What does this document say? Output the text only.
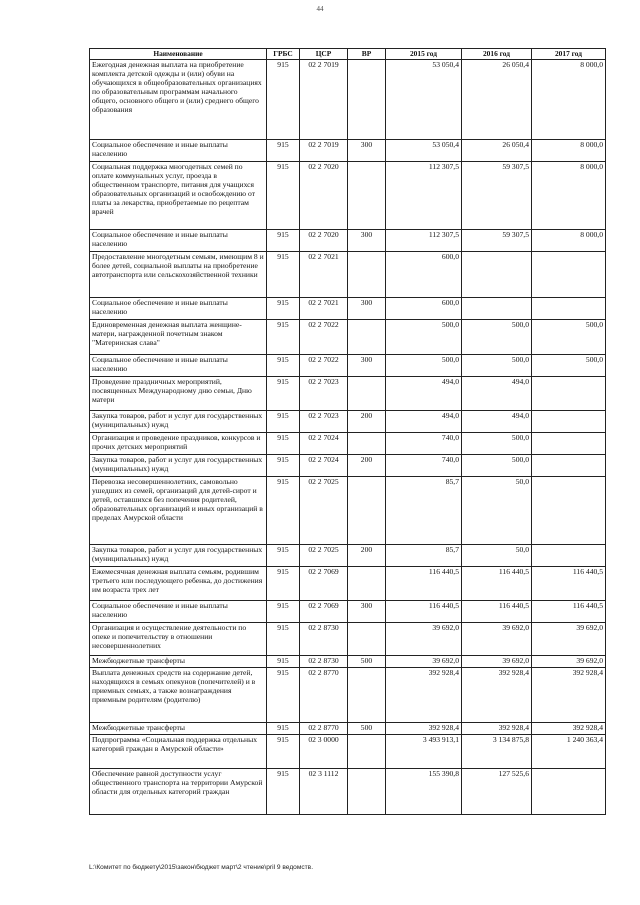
44
Наименование	ГРБС	ЦСР	ВР	2015 год	2016 год	2017 год
Ежегодная денежная выплата на приобретение комплекта детской одежды и (или) обуви на обучающихся в общеобразовательных организациях по образовательным программам начального общего, основного общего и (или) среднего общего образования	915	02 2 7019		53 050,4	26 050,4	8 000,0
Социальное обеспечение и иные выплаты населению	915	02 2 7019	300	53 050,4	26 050,4	8 000,0
Социальная поддержка многодетных семей по оплате коммунальных услуг, проезда в общественном транспорте, питания для учащихся образовательных организаций и освобождению от платы за лекарства, приобретаемые по рецептам врачей	915	02 2 7020		112 307,5	59 307,5	8 000,0
Социальное обеспечение и иные выплаты населению	915	02 2 7020	300	112 307,5	59 307,5	8 000,0
Предоставление многодетным семьям, имеющим 8 и более детей, социальной выплаты на приобретение автотранспорта или сельскохозяйственной техники	915	02 2 7021		600,0		
Социальное обеспечение и иные выплаты населению	915	02 2 7021	300	600,0		
Единовременная денежная выплата женщине-матери, награжденной почетным знаком "Материнская слава"	915	02 2 7022		500,0	500,0	500,0
Социальное обеспечение и иные выплаты населению	915	02 2 7022	300	500,0	500,0	500,0
Проведение праздничных мероприятий, посвященных Международному дню семьи, Дню матери	915	02 2 7023		494,0	494,0	
Закупка товаров, работ и услуг для государственных (муниципальных) нужд	915	02 2 7023	200	494,0	494,0	
Организация и проведение праздников, конкурсов и прочих детских мероприятий	915	02 2 7024		740,0	500,0	
Закупка товаров, работ и услуг для государственных (муниципальных) нужд	915	02 2 7024	200	740,0	500,0	
Перевозка несовершеннолетних, самовольно ушедших из семей, организаций для детей-сирот и детей, оставшихся без попечения родителей, образовательных организаций и иных организаций в пределах Амурской области	915	02 2 7025		85,7	50,0	
Закупка товаров, работ и услуг для государственных (муниципальных) нужд	915	02 2 7025	200	85,7	50,0	
Ежемесячная денежная выплата семьям, родившим третьего или последующего ребенка, до достижения им возраста трех лет	915	02 2 7069		116 440,5	116 440,5	116 440,5
Социальное обеспечение и иные выплаты населению	915	02 2 7069	300	116 440,5	116 440,5	116 440,5
Организация и осуществление деятельности по опеке и попечительству в отношении несовершеннолетних	915	02 2 8730		39 692,0	39 692,0	39 692,0
Межбюджетные трансферты	915	02 2 8730	500	39 692,0	39 692,0	39 692,0
Выплата денежных средств на содержание детей, находящихся в семьях опекунов (попечителей) и в приемных семьях, а также вознаграждения приемным родителям (родителю)	915	02 2 8770		392 928,4	392 928,4	392 928,4
Межбюджетные трансферты	915	02 2 8770	500	392 928,4	392 928,4	392 928,4
Подпрограмма «Социальная поддержка отдельных категорий граждан в Амурской области»	915	02 3 0000		3 493 913,1	3 134 875,8	1 240 363,4
Обеспечение равной доступности услуг общественного транспорта на территории Амурской области для отдельных категорий граждан	915	02 3 1112		155 390,8	127 525,6	
L:\Комитет по бюджету\2015\закон\бюджет март\2 чтение\pril 9 ведомств.
